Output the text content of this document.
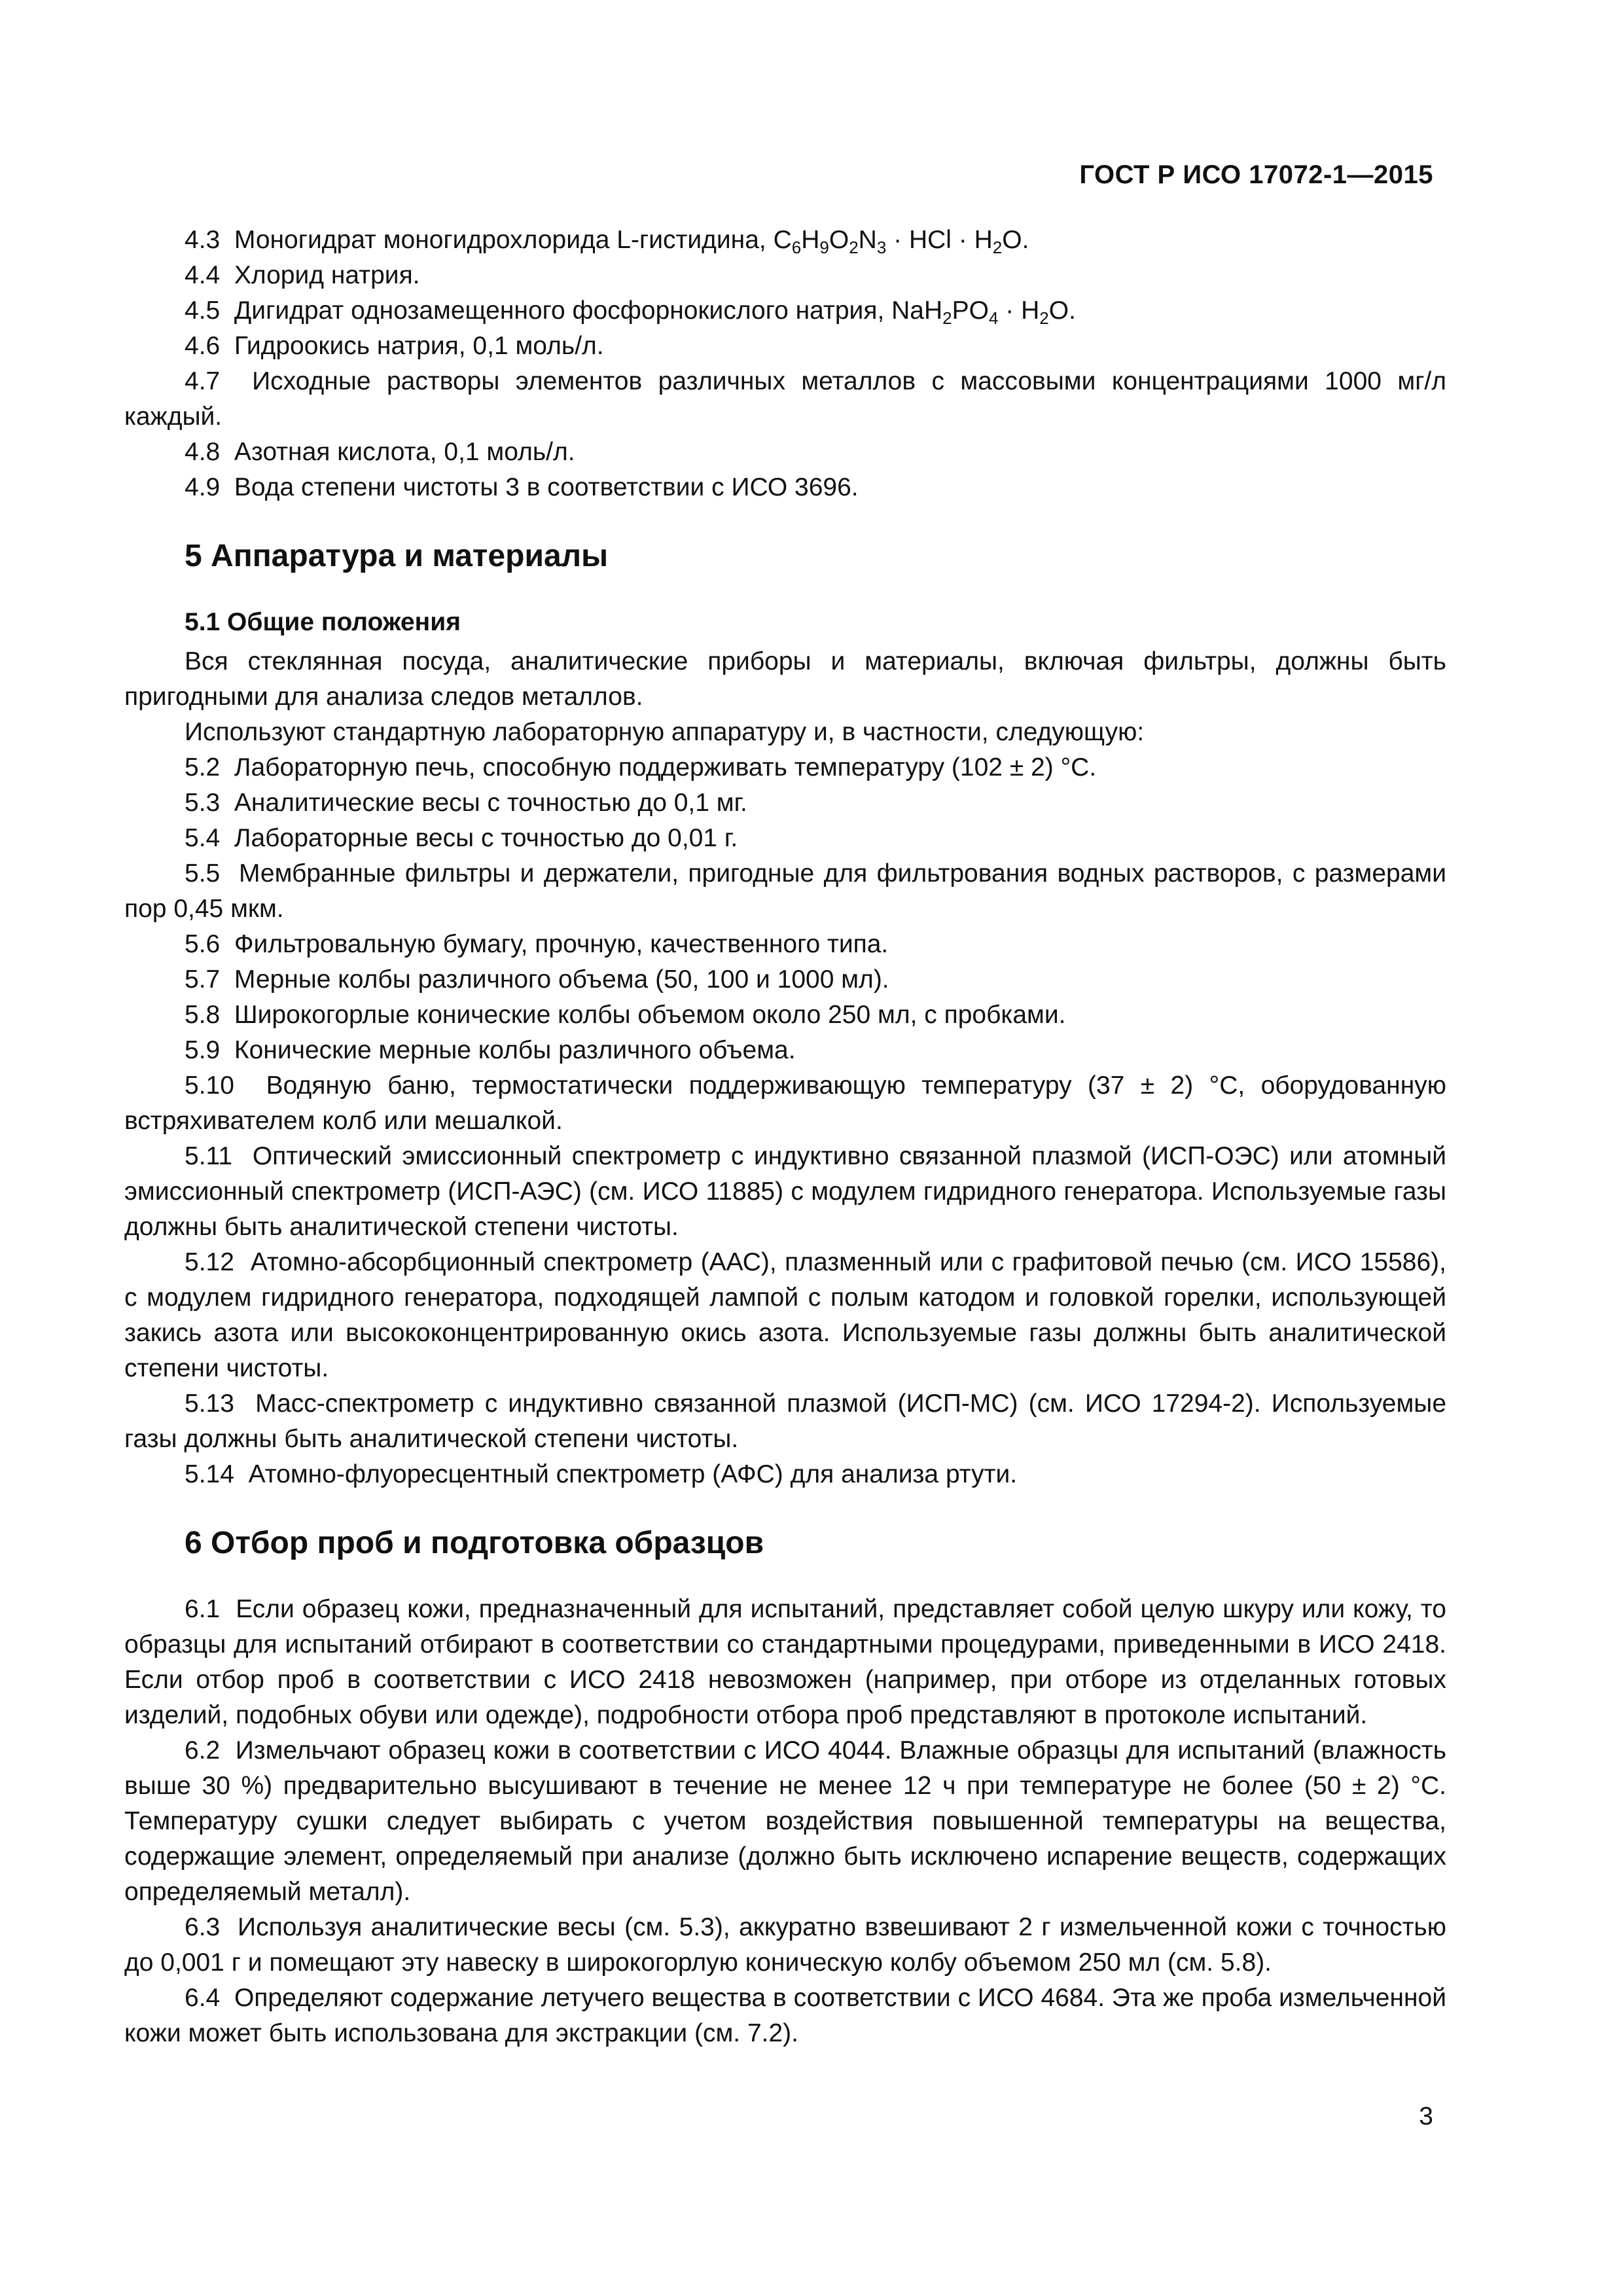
ГОСТ Р ИСО 17072-1—2015

4.3 Моногидрат моногидрохлорида L-гистидина, $C_6H_9O_2N_3$ · HCl · $H_2O$.

4.4 Хлорид натрия.

4.5 Дигидрат однозамещенного фосфорнокислого натрия, $NaH_2PO_4 \cdot H_2O$.

4.6 Гидроокись натрия, 0,1 моль/л.

4.7 Исходные растворы элементов различных металлов с массовыми концентрациями 1000 мг/л каждый.

4.8 Азотная кислота, 0,1 моль/л.

4.9 Вода степени чистоты 3 в соответствии с ИСО 3696.

5 Аппаратура и материалы
5.1 Общие положения

Вся стеклянная посуда, аналитические приборы и материалы, включая фильтры, должны быть пригодными для анализа следов металлов.

Используют стандартную лабораторную аппаратуру и, в частности, следующую:

5.2 Лабораторную печь, способную поддерживать температуру (102 ± 2) °С.

5.3 Аналитические весы с точностью до 0,1 мг.

5.4 Лабораторные весы с точностью до 0,01 г.

5.5 Мембранные фильтры и держатели, пригодные для фильтрования водных растворов, с размерами пор 0,45 мкм.

5.6 Фильтровальную бумагу, прочную, качественного типа.

5.7 Мерные колбы различного объема (50, 100 и 1000 мл).

5.8 Широкогорлые конические колбы объемом около 250 мл, с пробками.

5.9 Конические мерные колбы различного объема.

5.10 Водяную баню, термостатически поддерживающую температуру (37 ± 2) °С, оборудованную встряхивателем колб или мешалкой.

5.11 Оптический эмиссионный спектрометр с индуктивно связанной плазмой (ИСП-ОЭС) или атомный эмиссионный спектрометр (ИСП-АЭС) (см. ИСО 11885) с модулем гидридного генератора. Используемые газы должны быть аналитической степени чистоты.

5.12 Атомно-абсорбционный спектрометр (ААС), плазменный или с графитовой печью (см. ИСО 15586), с модулем гидридного генератора, подходящей лампой с полым катодом и головкой горелки, использующей закись азота или высококонцентрированную окись азота. Используемые газы должны быть аналитической степени чистоты.

5.13 Масс-спектрометр с индуктивно связанной плазмой (ИСП-МС) (см. ИСО 17294-2). Используемые газы должны быть аналитической степени чистоты.

5.14 Атомно-флуоресцентный спектрометр (АФС) для анализа ртути.

6 Отбор проб и подготовка образцов

6.1 Если образец кожи, предназначенный для испытаний, представляет собой целую шкуру или кожу, то образцы для испытаний отбирают в соответствии со стандартными процедурами, приведенными в ИСО 2418. Если отбор проб в соответствии с ИСО 2418 невозможен (например, при отборе из отделанных готовых изделий, подобных обуви или одежде), подробности отбора проб представляют в протоколе испытаний.

6.2 Измельчают образец кожи в соответствии с ИСО 4044. Влажные образцы для испытаний (влажность выше 30 %) предварительно высушивают в течение не менее 12 ч при температуре не более (50 ± 2) °С. Температуру сушки следует выбирать с учетом воздействия повышенной температуры на вещества, содержащие элемент, определяемый при анализе (должно быть исключено испарение веществ, содержащих определяемый металл).

6.3 Используя аналитические весы (см. 5.3), аккуратно взвешивают 2 г измельченной кожи с точностью до 0,001 г и помещают эту навеску в широкогорлую коническую колбу объемом 250 мл (см. 5.8).

6.4 Определяют содержание летучего вещества в соответствии с ИСО 4684. Эта же проба измельченной кожи может быть использована для экстракции (см. 7.2).

3
